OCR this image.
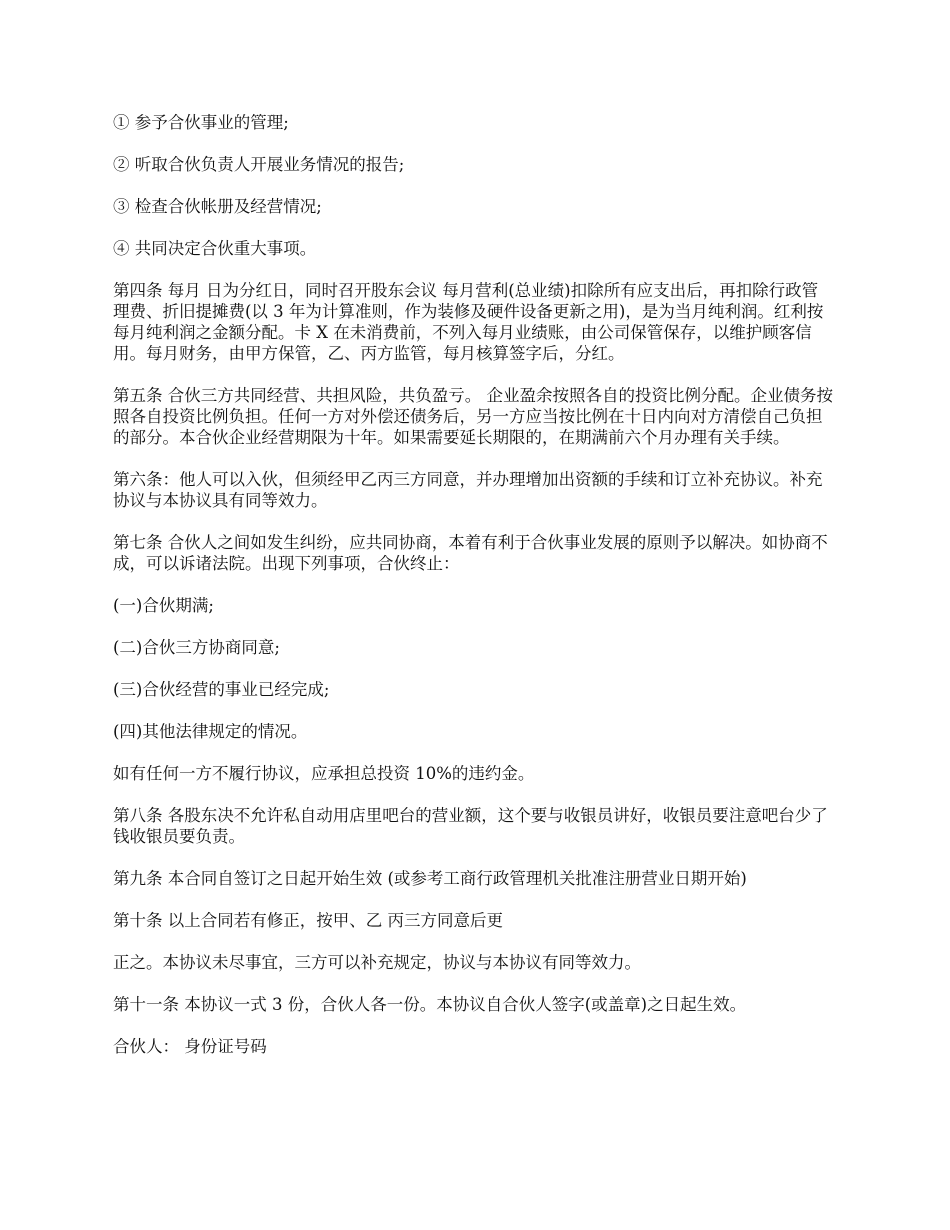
① 参予合伙事业的管理;

② 听取合伙负责人开展业务情况的报告;

③ 检查合伙帐册及经营情况;

④ 共同决定合伙重大事项。

第四条 每月 日为分红日，同时召开股东会议 每月营利(总业绩)扣除所有应支出后，再扣除行政管理费、折旧提摊费(以 3 年为计算准则，作为装修及硬件设备更新之用)，是为当月纯利润。红利按每月纯利润之金额分配。卡 X 在未消费前，不列入每月业绩账，由公司保管保存，以维护顾客信用。每月财务，由甲方保管，乙、丙方监管，每月核算签字后，分红。

第五条 合伙三方共同经营、共担风险，共负盈亏。 企业盈余按照各自的投资比例分配。企业债务按照各自投资比例负担。任何一方对外偿还债务后，另一方应当按比例在十日内向对方清偿自己负担的部分。本合伙企业经营期限为十年。如果需要延长期限的，在期满前六个月办理有关手续。

第六条：他人可以入伙，但须经甲乙丙三方同意，并办理增加出资额的手续和订立补充协议。补充协议与本协议具有同等效力。

第七条 合伙人之间如发生纠纷，应共同协商，本着有利于合伙事业发展的原则予以解决。如协商不成，可以诉诸法院。出现下列事项，合伙终止：

(一)合伙期满;

(二)合伙三方协商同意;

(三)合伙经营的事业已经完成;

(四)其他法律规定的情况。

如有任何一方不履行协议，应承担总投资 10%的违约金。

第八条 各股东决不允许私自动用店里吧台的营业额，这个要与收银员讲好，收银员要注意吧台少了钱收银员要负责。

第九条 本合同自签订之日起开始生效 (或参考工商行政管理机关批准注册营业日期开始)

第十条 以上合同若有修正，按甲、乙 丙三方同意后更

正之。本协议未尽事宜，三方可以补充规定，协议与本协议有同等效力。

第十一条 本协议一式 3 份，合伙人各一份。本协议自合伙人签字(或盖章)之日起生效。

合伙人： 身份证号码
